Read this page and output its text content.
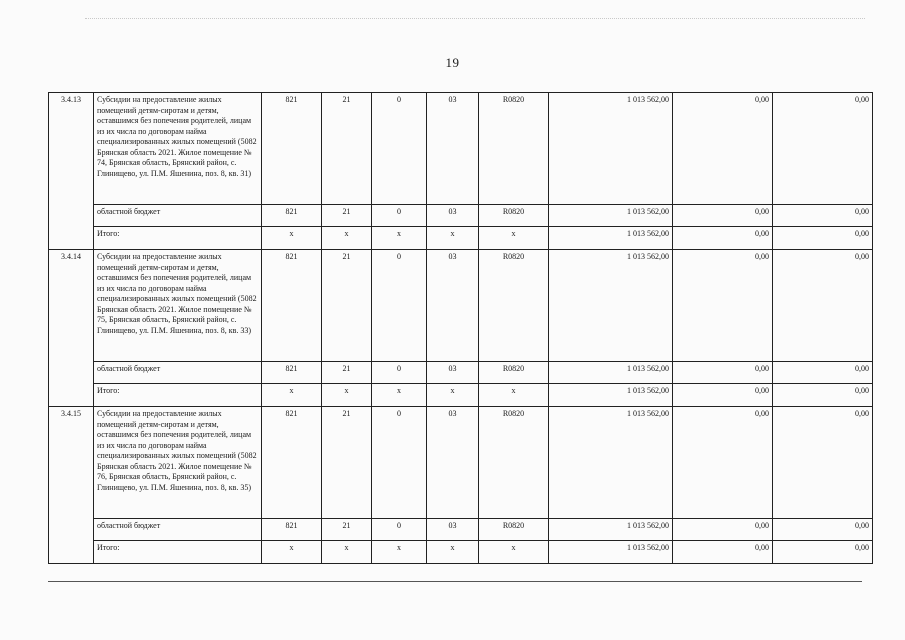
19
3.4.13	Субсидии на предоставление жилых помещений детям-сиротам и детям, оставшимся без попечения родителей, лицам из их числа по договорам найма специализированных жилых помещений (5082 Брянская область 2021. Жилое помещение № 74, Брянская область, Брянский район, с. Глинищево, ул. П.М. Яшенина, поз. 8, кв. 31)	821	21	0	03	R0820	1 013 562,00	0,00	0,00
	областной бюджет	821	21	0	03	R0820	1 013 562,00	0,00	0,00
	Итого:	х	х	х	х	х	1 013 562,00	0,00	0,00
3.4.14	Субсидии на предоставление жилых помещений детям-сиротам и детям, оставшимся без попечения родителей, лицам из их числа по договорам найма специализированных жилых помещений (5082 Брянская область 2021. Жилое помещение № 75, Брянская область, Брянский район, с. Глинищево, ул. П.М. Яшенина, поз. 8, кв. 33)	821	21	0	03	R0820	1 013 562,00	0,00	0,00
	областной бюджет	821	21	0	03	R0820	1 013 562,00	0,00	0,00
	Итого:	х	х	х	х	х	1 013 562,00	0,00	0,00
3.4.15	Субсидии на предоставление жилых помещений детям-сиротам и детям, оставшимся без попечения родителей, лицам из их числа по договорам найма специализированных жилых помещений (5082 Брянская область 2021. Жилое помещение № 76, Брянская область, Брянский район, с. Глинищево, ул. П.М. Яшенина, поз. 8, кв. 35)	821	21	0	03	R0820	1 013 562,00	0,00	0,00
	областной бюджет	821	21	0	03	R0820	1 013 562,00	0,00	0,00
	Итого:	х	х	х	х	х	1 013 562,00	0,00	0,00
